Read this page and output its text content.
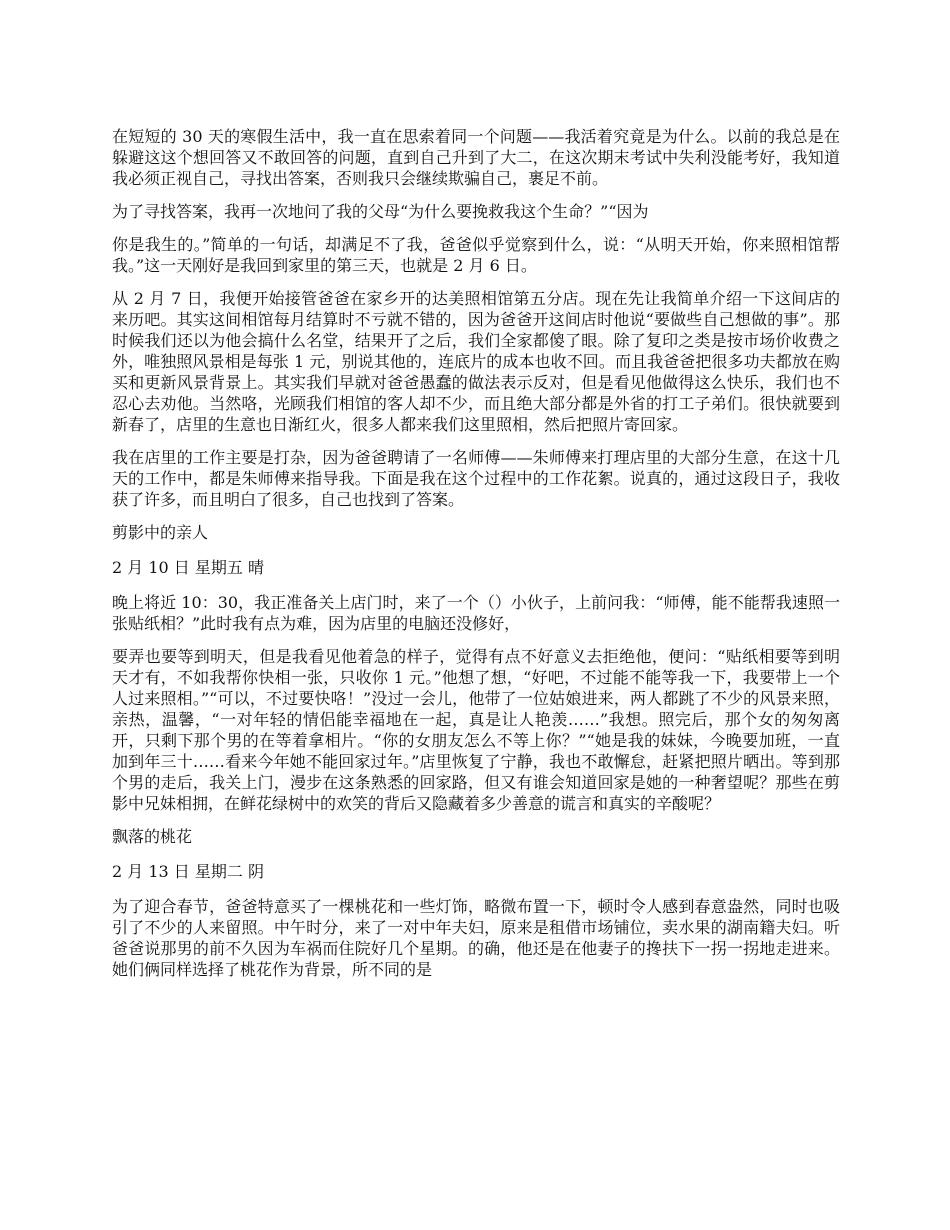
在短短的 30 天的寒假生活中，我一直在思索着同一个问题——我活着究竟是为什么。以前的我总是在躲避这这个想回答又不敢回答的问题，直到自己升到了大二，在这次期末考试中失利没能考好，我知道我必须正视自己，寻找出答案，否则我只会继续欺骗自己，裹足不前。

为了寻找答案，我再一次地问了我的父母“为什么要挽救我这个生命？”“因为

你是我生的。”简单的一句话，却满足不了我，爸爸似乎觉察到什么，说：“从明天开始，你来照相馆帮我。”这一天刚好是我回到家里的第三天，也就是 2 月 6 日。

从 2 月 7 日，我便开始接管爸爸在家乡开的达美照相馆第五分店。现在先让我简单介绍一下这间店的来历吧。其实这间相馆每月结算时不亏就不错的，因为爸爸开这间店时他说“要做些自己想做的事”。那时候我们还以为他会搞什么名堂，结果开了之后，我们全家都傻了眼。除了复印之类是按市场价收费之外，唯独照风景相是每张 1 元，别说其他的，连底片的成本也收不回。而且我爸爸把很多功夫都放在购买和更新风景背景上。其实我们早就对爸爸愚蠢的做法表示反对，但是看见他做得这么快乐，我们也不忍心去劝他。当然咯，光顾我们相馆的客人却不少，而且绝大部分都是外省的打工子弟们。很快就要到新春了，店里的生意也日渐红火，很多人都来我们这里照相，然后把照片寄回家。

我在店里的工作主要是打杂，因为爸爸聘请了一名师傅——朱师傅来打理店里的大部分生意，在这十几天的工作中，都是朱师傅来指导我。下面是我在这个过程中的工作花絮。说真的，通过这段日子，我收获了许多，而且明白了很多，自己也找到了答案。

剪影中的亲人

2 月 10 日 星期五 晴

晚上将近 10：30，我正准备关上店门时，来了一个（）小伙子，上前问我：“师傅，能不能帮我速照一张贴纸相？”此时我有点为难，因为店里的电脑还没修好，

要弄也要等到明天，但是我看见他着急的样子，觉得有点不好意义去拒绝他，便问：“贴纸相要等到明天才有，不如我帮你快相一张，只收你 1 元。”他想了想，“好吧，不过能不能等我一下，我要带上一个人过来照相。”“可以，不过要快咯！”没过一会儿，他带了一位姑娘进来，两人都跳了不少的风景来照，亲热，温馨，“一对年轻的情侣能幸福地在一起，真是让人艳羡……”我想。照完后，那个女的匆匆离开，只剩下那个男的在等着拿相片。“你的女朋友怎么不等上你？”“她是我的妹妹，今晚要加班，一直加到年三十……看来今年她不能回家过年。”店里恢复了宁静，我也不敢懈怠，赶紧把照片晒出。等到那个男的走后，我关上门，漫步在这条熟悉的回家路，但又有谁会知道回家是她的一种奢望呢？那些在剪影中兄妹相拥，在鲜花绿树中的欢笑的背后又隐藏着多少善意的谎言和真实的辛酸呢？

飘落的桃花

2 月 13 日 星期二 阴

为了迎合春节，爸爸特意买了一棵桃花和一些灯饰，略微布置一下，顿时令人感到春意盎然，同时也吸引了不少的人来留照。中午时分，来了一对中年夫妇，原来是租借市场铺位，卖水果的湖南籍夫妇。听爸爸说那男的前不久因为车祸而住院好几个星期。的确，他还是在他妻子的搀扶下一拐一拐地走进来。她们俩同样选择了桃花作为背景，所不同的是
